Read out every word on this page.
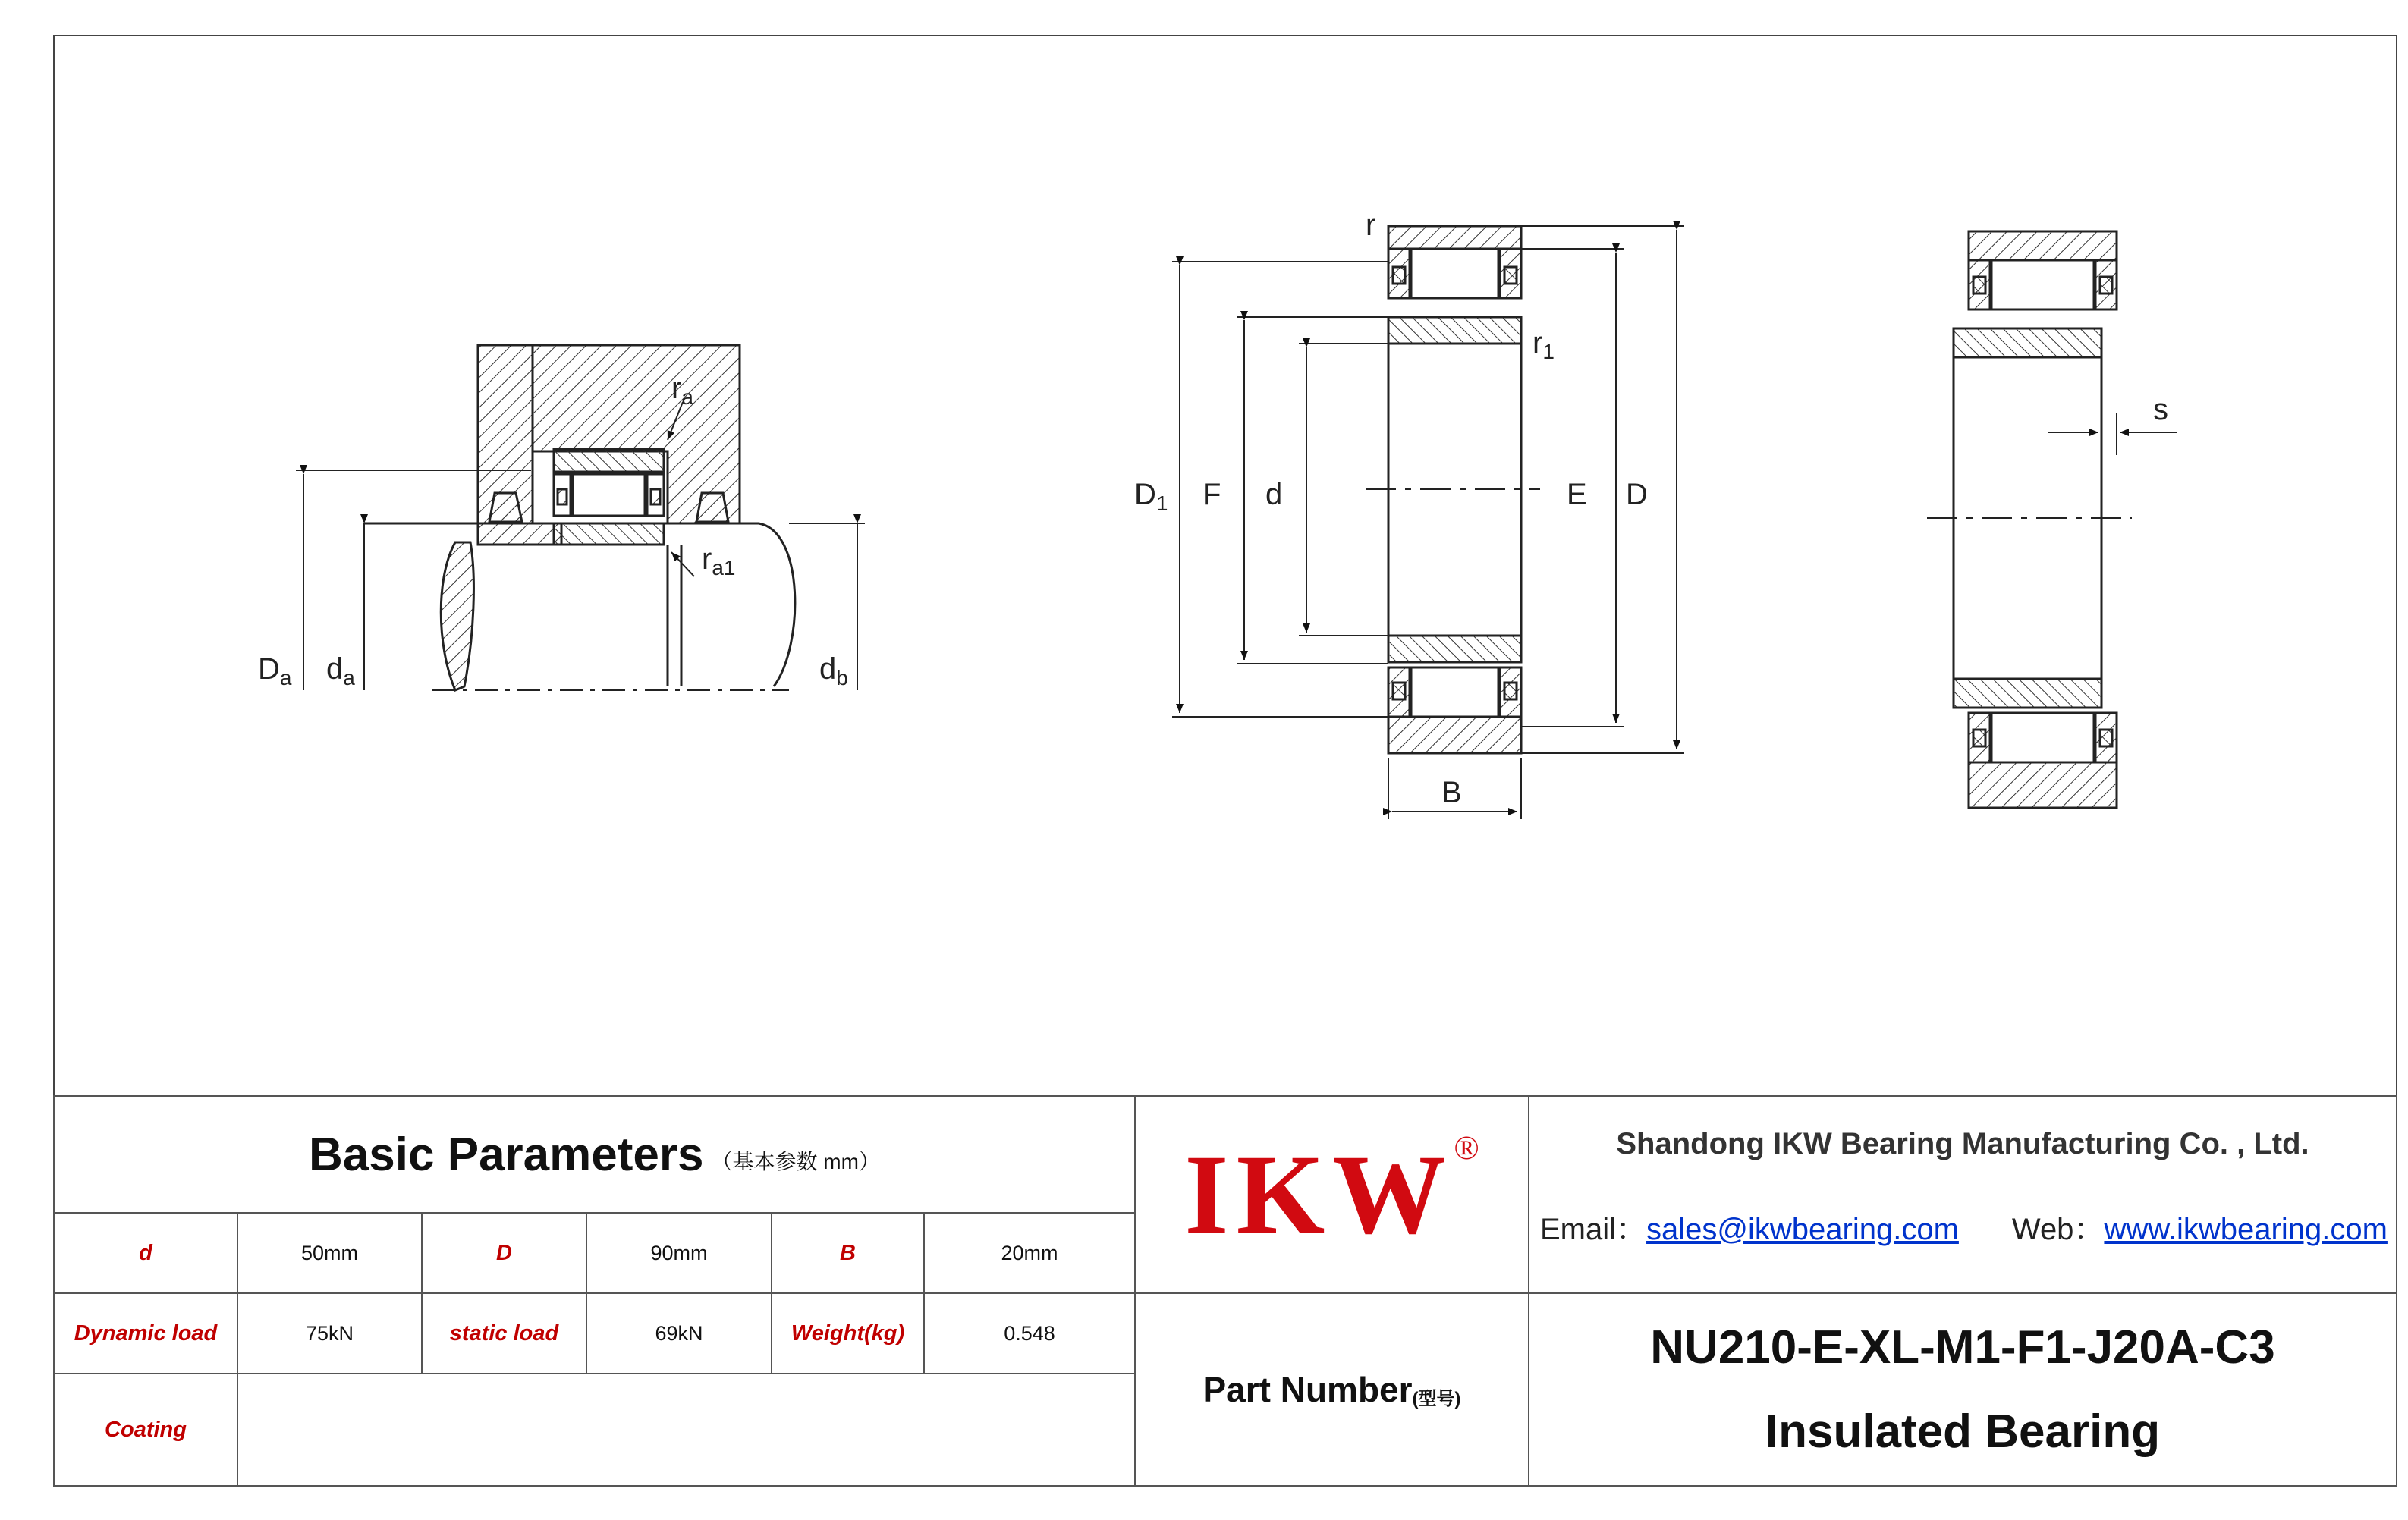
$D_a$ $d_a$	$d_b$
$r_a$
$r_{a1}$
$D_1$ F d	E D
B
r
$r_1$
s
Basic Parameters （基本参数 mm）
d	50mm	D	90mm	B	20mm
Dynamic load	75kN	static load	69kN	Weight(kg)	0.548
Coating
IKW ®	Shandong IKW Bearing Manufacturing Co. , Ltd.
Email：sales@ikwbearing.com Web：www.ikwbearing.com
Part Number (型号)
NU210-E-XL-M1-F1-J20A-C3
Insulated Bearing
